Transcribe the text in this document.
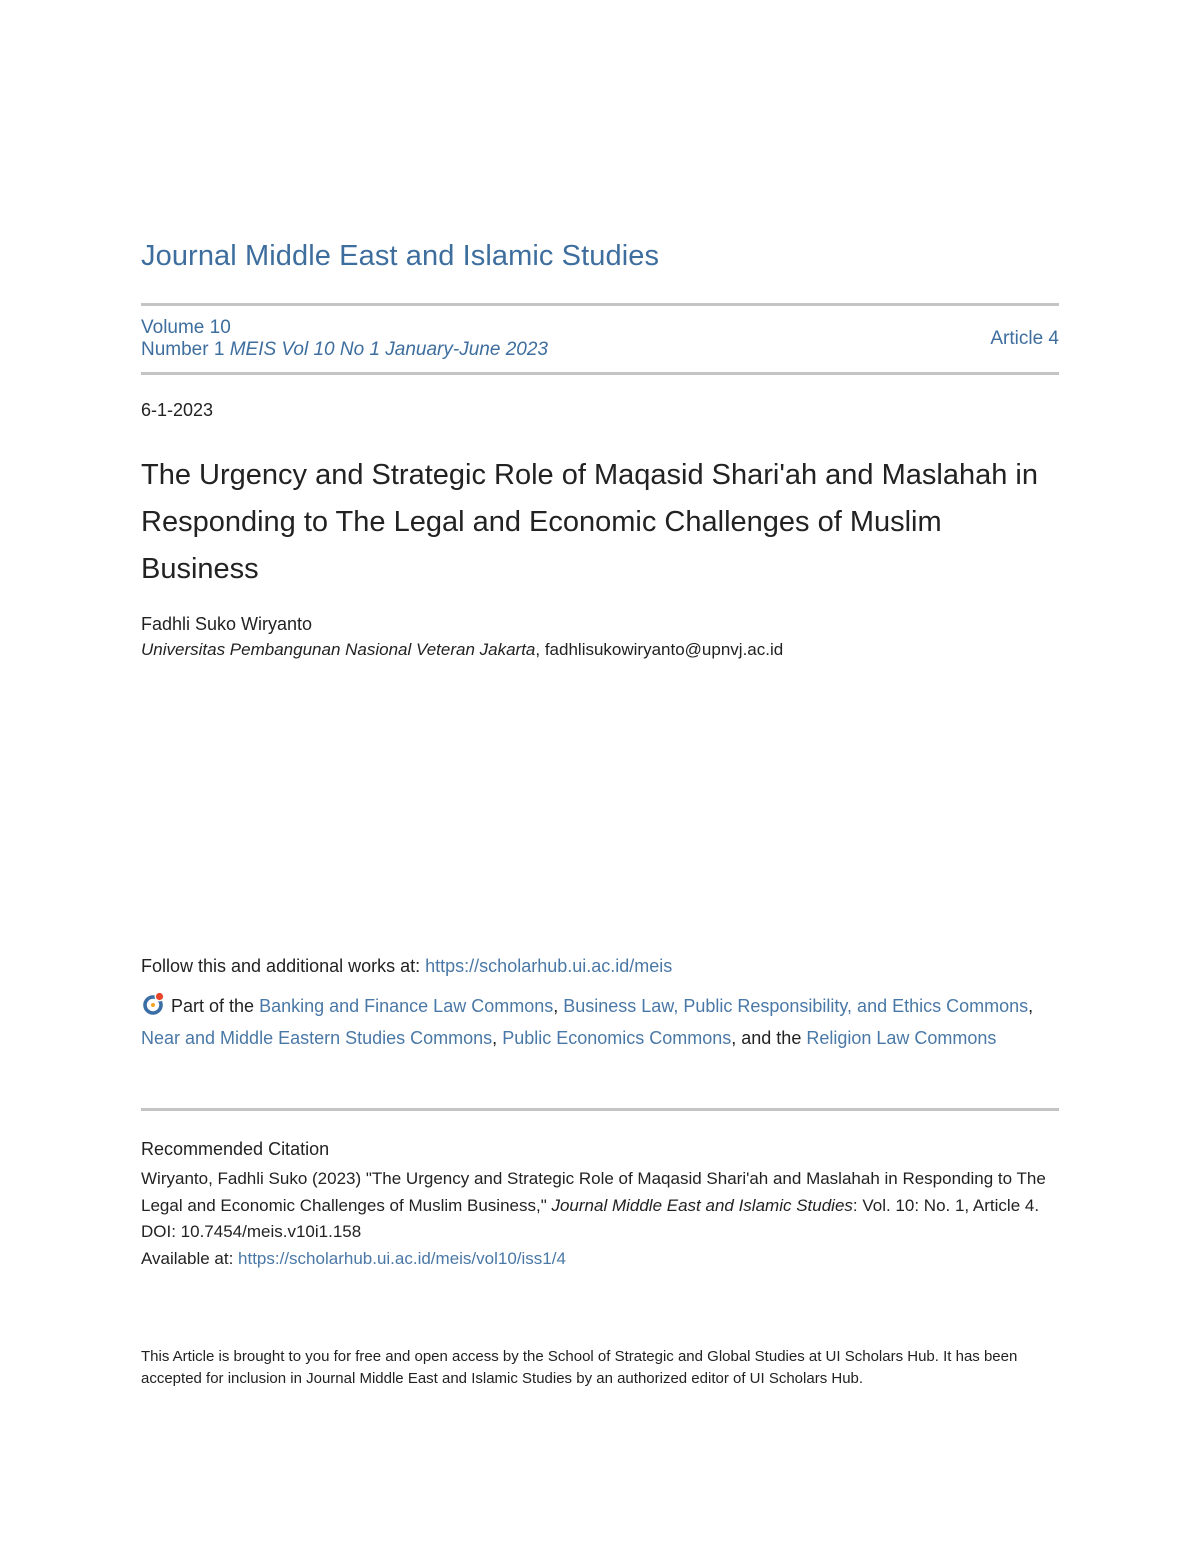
Journal Middle East and Islamic Studies
Volume 10
Number 1 MEIS Vol 10 No 1 January-June 2023
Article 4
6-1-2023
The Urgency and Strategic Role of Maqasid Shari'ah and Maslahah in Responding to The Legal and Economic Challenges of Muslim Business
Fadhli Suko Wiryanto
Universitas Pembangunan Nasional Veteran Jakarta, fadhlisukowiryanto@upnvj.ac.id
Follow this and additional works at: https://scholarhub.ui.ac.id/meis
Part of the Banking and Finance Law Commons, Business Law, Public Responsibility, and Ethics Commons, Near and Middle Eastern Studies Commons, Public Economics Commons, and the Religion Law Commons
Recommended Citation
Wiryanto, Fadhli Suko (2023) "The Urgency and Strategic Role of Maqasid Shari'ah and Maslahah in Responding to The Legal and Economic Challenges of Muslim Business," Journal Middle East and Islamic Studies: Vol. 10: No. 1, Article 4.
DOI: 10.7454/meis.v10i1.158
Available at: https://scholarhub.ui.ac.id/meis/vol10/iss1/4
This Article is brought to you for free and open access by the School of Strategic and Global Studies at UI Scholars Hub. It has been accepted for inclusion in Journal Middle East and Islamic Studies by an authorized editor of UI Scholars Hub.
